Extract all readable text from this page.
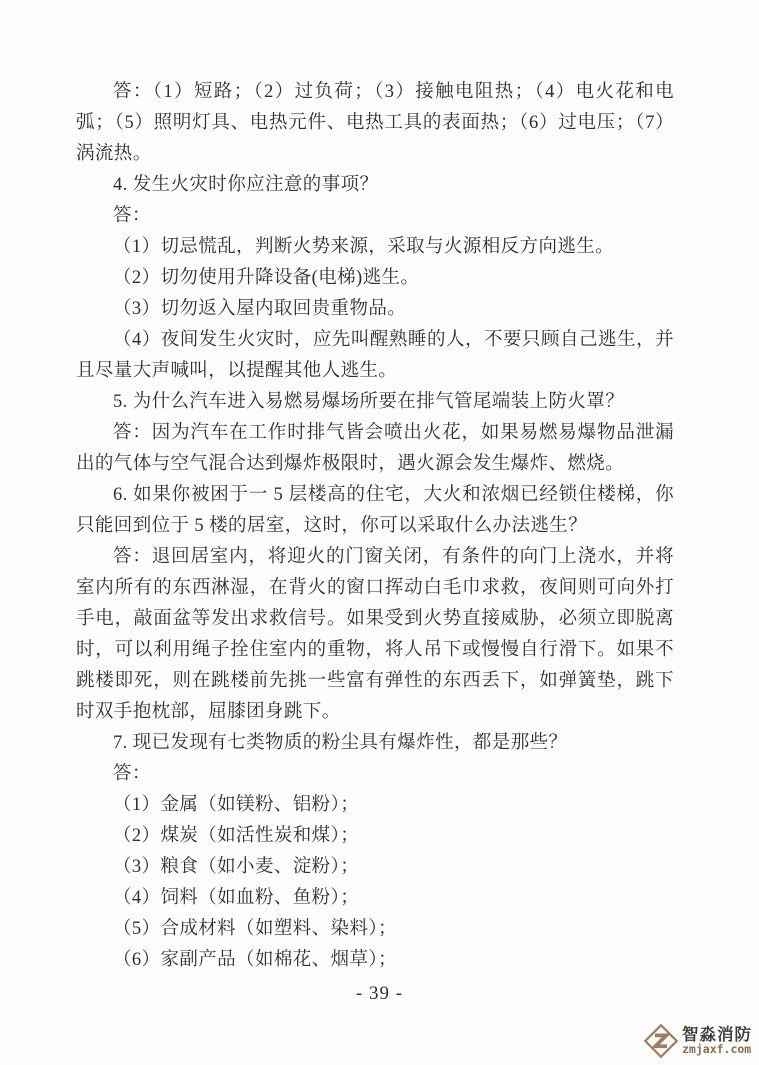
答：（1）短路；（2）过负荷；（3）接触电阻热；（4）电火花和电弧；（5）照明灯具、电热元件、电热工具的表面热；（6）过电压；（7）涡流热。

4. 发生火灾时你应注意的事项？

答：

（1）切忌慌乱，判断火势来源，采取与火源相反方向逃生。

（2）切勿使用升降设备(电梯)逃生。

（3）切勿返入屋内取回贵重物品。

（4）夜间发生火灾时，应先叫醒熟睡的人，不要只顾自己逃生，并且尽量大声喊叫，以提醒其他人逃生。

5. 为什么汽车进入易燃易爆场所要在排气管尾端装上防火罩？

答：因为汽车在工作时排气皆会喷出火花，如果易燃易爆物品泄漏出的气体与空气混合达到爆炸极限时，遇火源会发生爆炸、燃烧。

6. 如果你被困于一 5 层楼高的住宅，大火和浓烟已经锁住楼梯，你只能回到位于 5 楼的居室，这时，你可以采取什么办法逃生？

答：退回居室内，将迎火的门窗关闭，有条件的向门上浇水，并将室内所有的东西淋湿，在背火的窗口挥动白毛巾求救，夜间则可向外打手电，敲面盆等发出求救信号。如果受到火势直接威胁，必须立即脱离时，可以利用绳子拴住室内的重物，将人吊下或慢慢自行滑下。如果不跳楼即死，则在跳楼前先挑一些富有弹性的东西丢下，如弹簧垫，跳下时双手抱枕部，屈膝团身跳下。

7. 现已发现有七类物质的粉尘具有爆炸性，都是那些？

答：

（1）金属（如镁粉、铝粉）；

（2）煤炭（如活性炭和煤）；

（3）粮食（如小麦、淀粉）；

（4）饲料（如血粉、鱼粉）；

（5）合成材料（如塑料、染料）；

（6）家副产品（如棉花、烟草）；

- 39 -
智淼消防
zmjaxf.com
